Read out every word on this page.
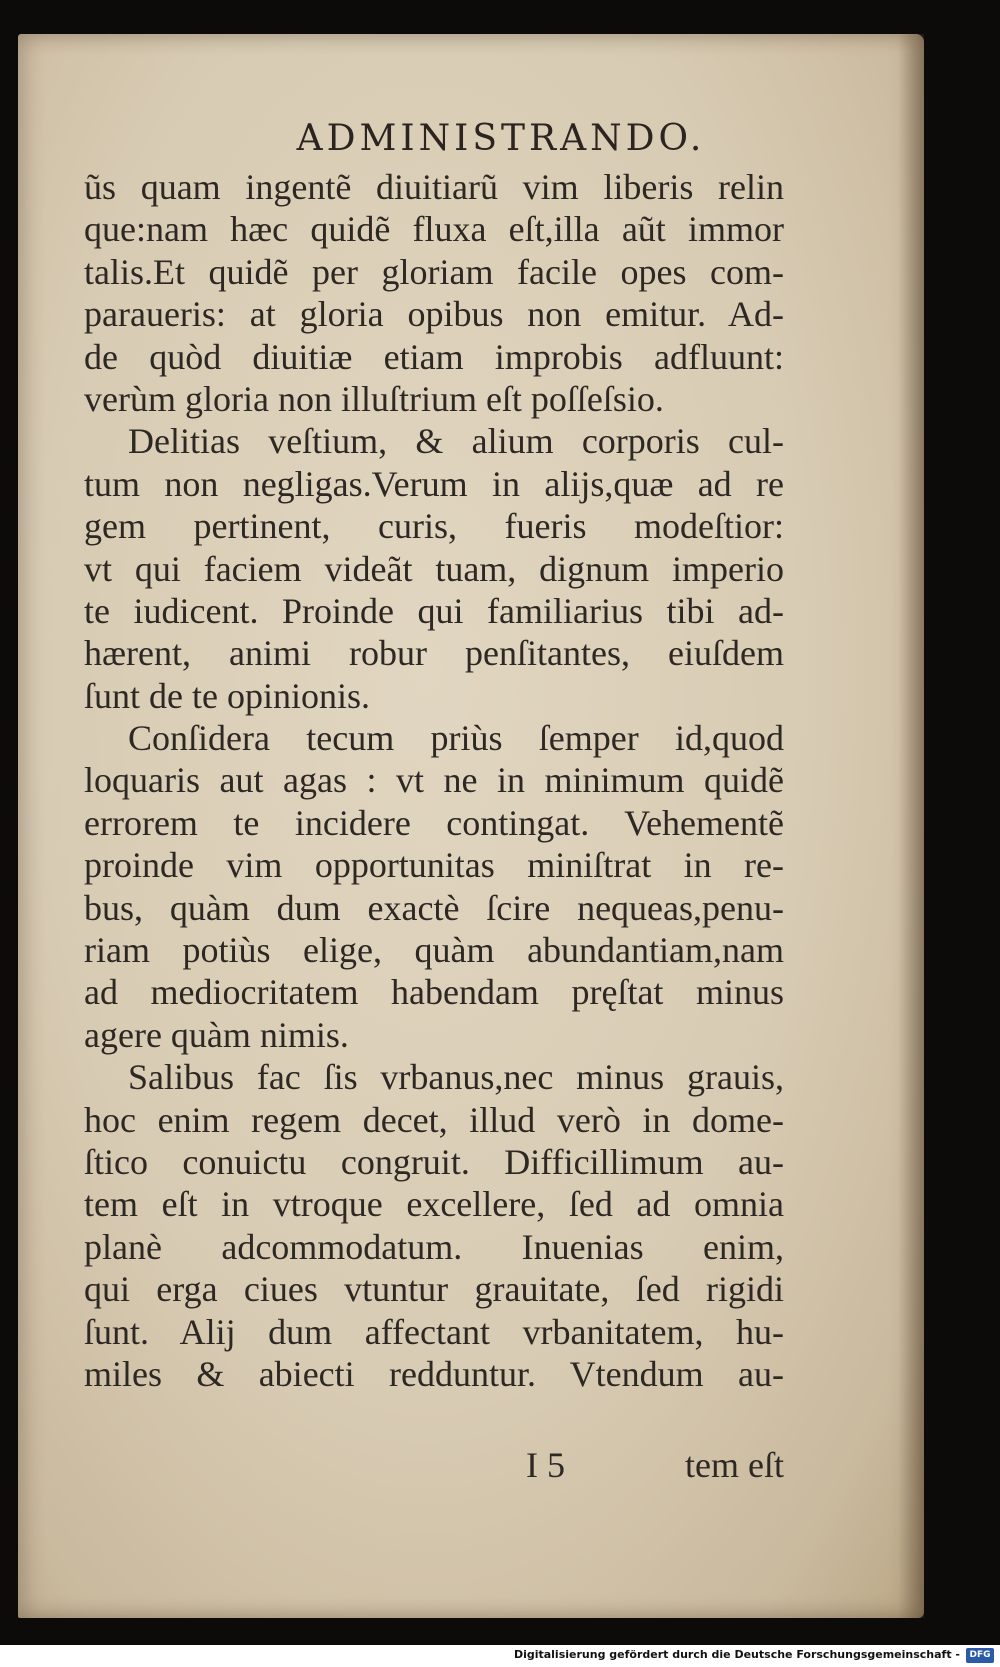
ADMINISTRANDO.
ũs quam ingentẽ diuitiarũ vim liberis relin
que:nam hæc quidẽ fluxa eſt,illa aũt immor
talis.Et quidẽ per gloriam facile opes com-
paraueris: at gloria opibus non emitur. Ad-
de quòd diuitiæ etiam improbis adfluunt:
verùm gloria non illuſtrium eſt poſſeſsio.
Delitias veſtium, & alium corporis cul-
tum non negligas.Verum in alijs,quæ ad re
gem pertinent, curis, fueris modeſtior:
vt qui faciem videãt tuam, dignum imperio
te iudicent. Proinde qui familiarius tibi ad-
hærent, animi robur penſitantes, eiuſdem
ſunt de te opinionis.
Conſidera tecum priùs ſemper id,quod
loquaris aut agas : vt ne in minimum quidẽ
errorem te incidere contingat. Vehementẽ
proinde vim opportunitas miniſtrat in re-
bus, quàm dum exactè ſcire nequeas,penu-
riam potiùs elige, quàm abundantiam,nam
ad mediocritatem habendam pręſtat minus
agere quàm nimis.
Salibus fac ſis vrbanus,nec minus grauis,
hoc enim regem decet, illud verò in dome-
ſtico conuictu congruit. Difficillimum au-
tem eſt in vtroque excellere, ſed ad omnia
planè adcommodatum. Inuenias enim,
qui erga ciues vtuntur grauitate, ſed rigidi
ſunt. Alij dum affectant vrbanitatem, hu-
miles & abiecti redduntur. Vtendum au-
I 5	tem eſt
Digitalisierung gefördert durch die Deutsche Forschungsgemeinschaft -	DFG
